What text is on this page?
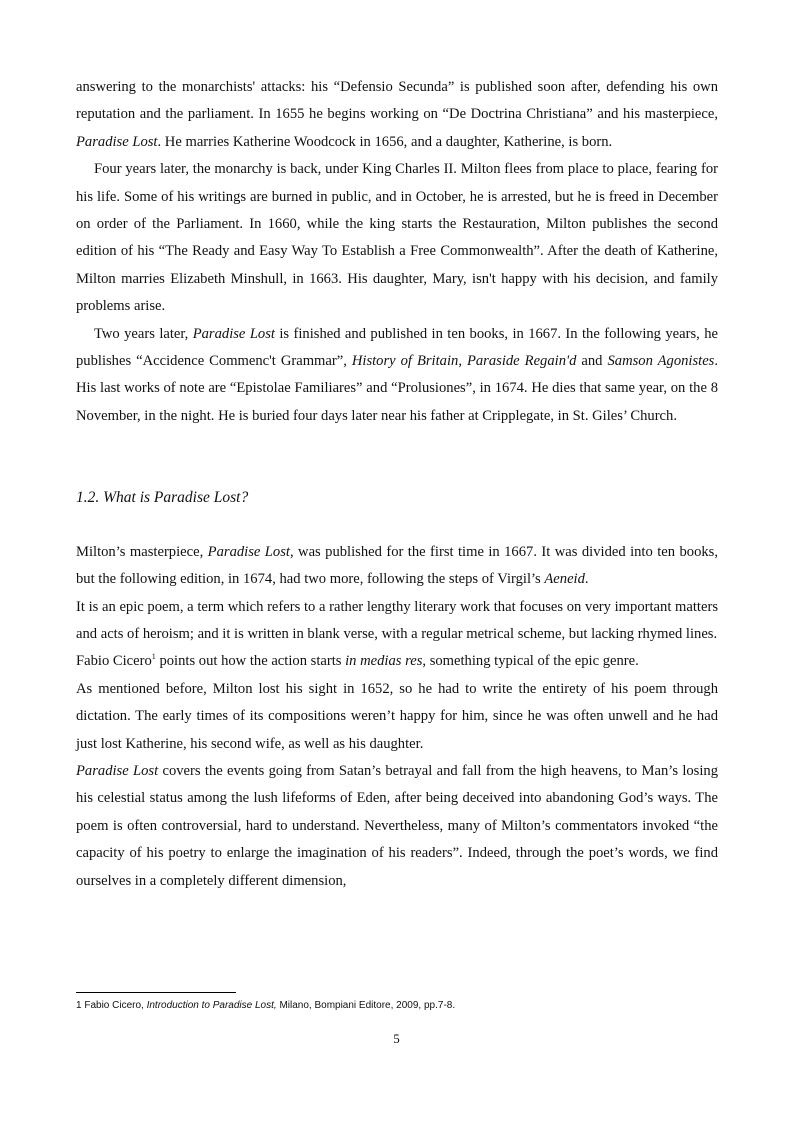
answering to the monarchists' attacks: his “Defensio Secunda” is published soon after, defending his own reputation and the parliament. In 1655 he begins working on “De Doctrina Christiana” and his masterpiece, Paradise Lost. He marries Katherine Woodcock in 1656, and a daughter, Katherine, is born.

Four years later, the monarchy is back, under King Charles II. Milton flees from place to place, fearing for his life. Some of his writings are burned in public, and in October, he is arrested, but he is freed in December on order of the Parliament. In 1660, while the king starts the Restauration, Milton publishes the second edition of his “The Ready and Easy Way To Establish a Free Commonwealth”. After the death of Katherine, Milton marries Elizabeth Minshull, in 1663. His daughter, Mary, isn't happy with his decision, and family problems arise.

Two years later, Paradise Lost is finished and published in ten books, in 1667. In the following years, he publishes “Accidence Commenc't Grammar”, History of Britain, Paraside Regain'd and Samson Agonistes. His last works of note are “Epistolae Familiares” and “Prolusiones”, in 1674. He dies that same year, on the 8 November, in the night. He is buried four days later near his father at Cripplegate, in St. Giles’ Church.

1.2. What is Paradise Lost?

Milton’s masterpiece, Paradise Lost, was published for the first time in 1667. It was divided into ten books, but the following edition, in 1674, had two more, following the steps of Virgil’s Aeneid.

It is an epic poem, a term which refers to a rather lengthy literary work that focuses on very important matters and acts of heroism; and it is written in blank verse, with a regular metrical scheme, but lacking rhymed lines.

Fabio Cicero$^1$ points out how the action starts in medias res, something typical of the epic genre.

As mentioned before, Milton lost his sight in 1652, so he had to write the entirety of his poem through dictation. The early times of its compositions weren’t happy for him, since he was often unwell and he had just lost Katherine, his second wife, as well as his daughter.

Paradise Lost covers the events going from Satan’s betrayal and fall from the high heavens, to Man’s losing his celestial status among the lush lifeforms of Eden, after being deceived into abandoning God’s ways. The poem is often controversial, hard to understand. Nevertheless, many of Milton’s commentators invoked “the capacity of his poetry to enlarge the imagination of his readers”. Indeed, through the poet’s words, we find ourselves in a completely different dimension,

1 Fabio Cicero, Introduction to Paradise Lost, Milano, Bompiani Editore, 2009, pp.7-8.

5
